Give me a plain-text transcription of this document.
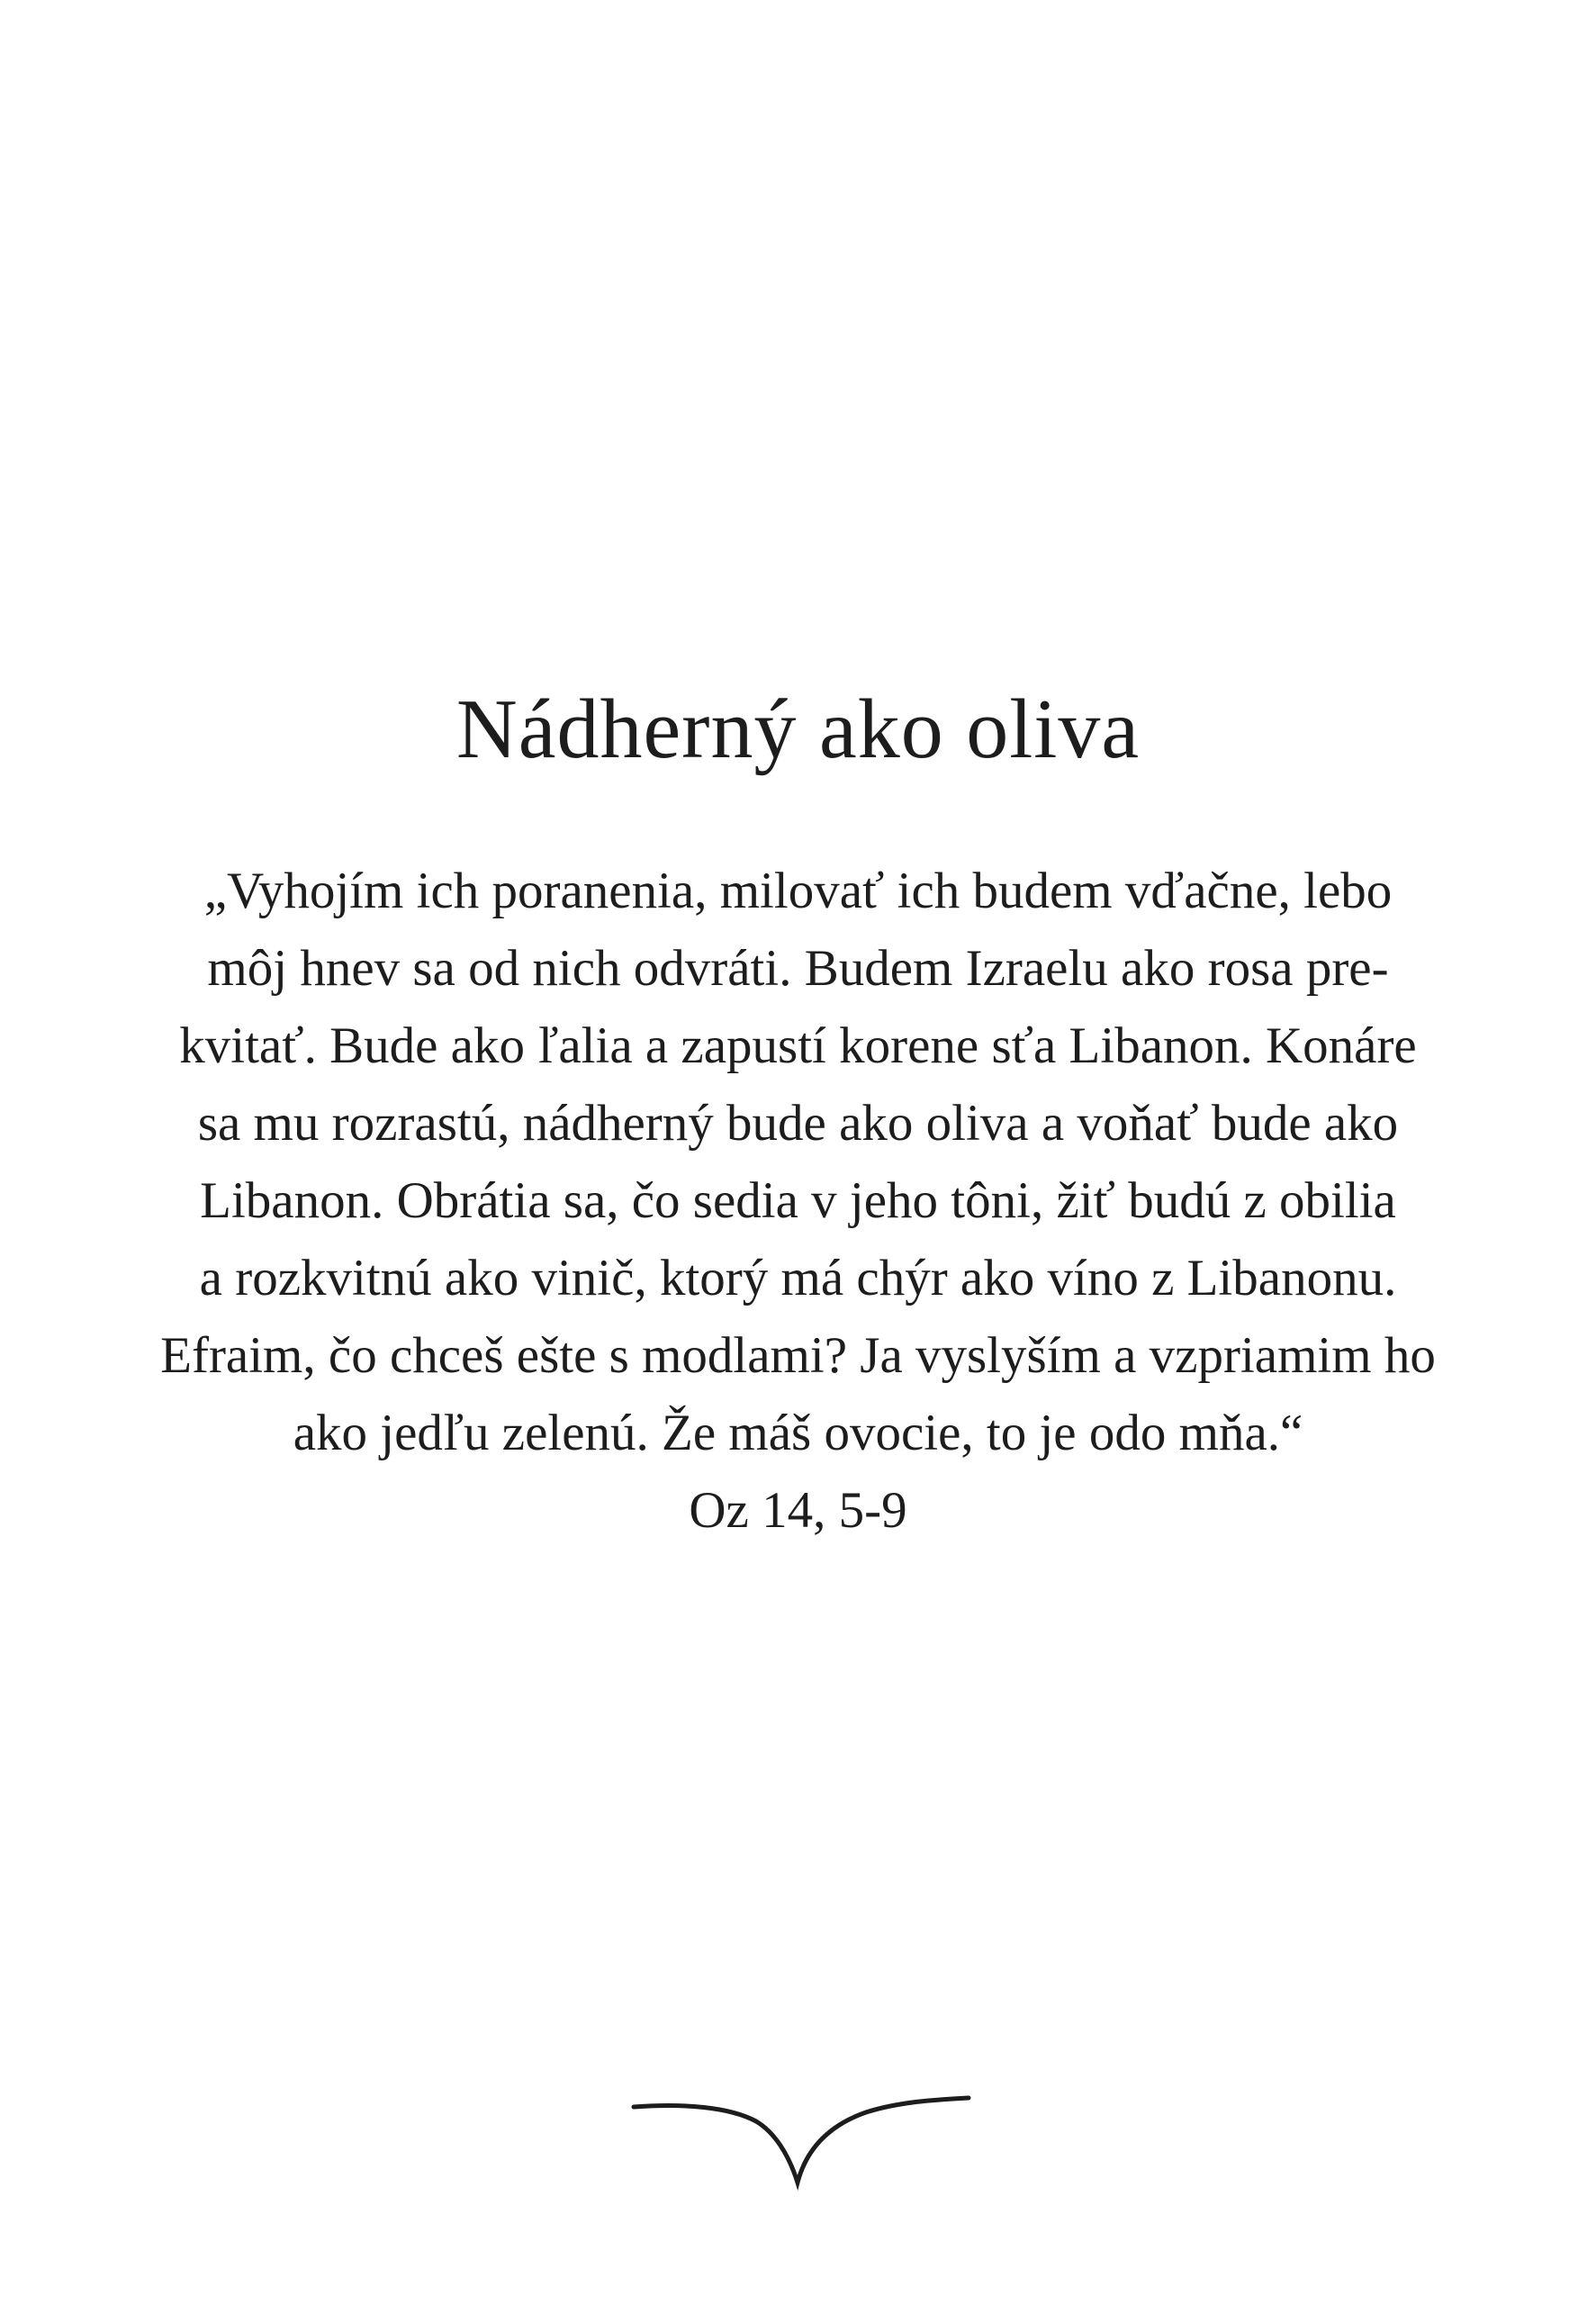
Nádherný ako oliva
„Vyhojím ich poranenia, milovať ich budem vďačne, lebo
môj hnev sa od nich odvráti. Budem Izraelu ako rosa pre-
kvitať. Bude ako ľalia a zapustí korene sťa Libanon. Konáre
sa mu rozrastú, nádherný bude ako oliva a voňať bude ako
Libanon. Obrátia sa, čo sedia v jeho tôni, žiť budú z obilia
a rozkvitnú ako vinič, ktorý má chýr ako víno z Libanonu.
Efraim, čo chceš ešte s modlami? Ja vyslyším a vzpriamim ho
ako jedľu zelenú. Že máš ovocie, to je odo mňa.“
Oz 14, 5-9
